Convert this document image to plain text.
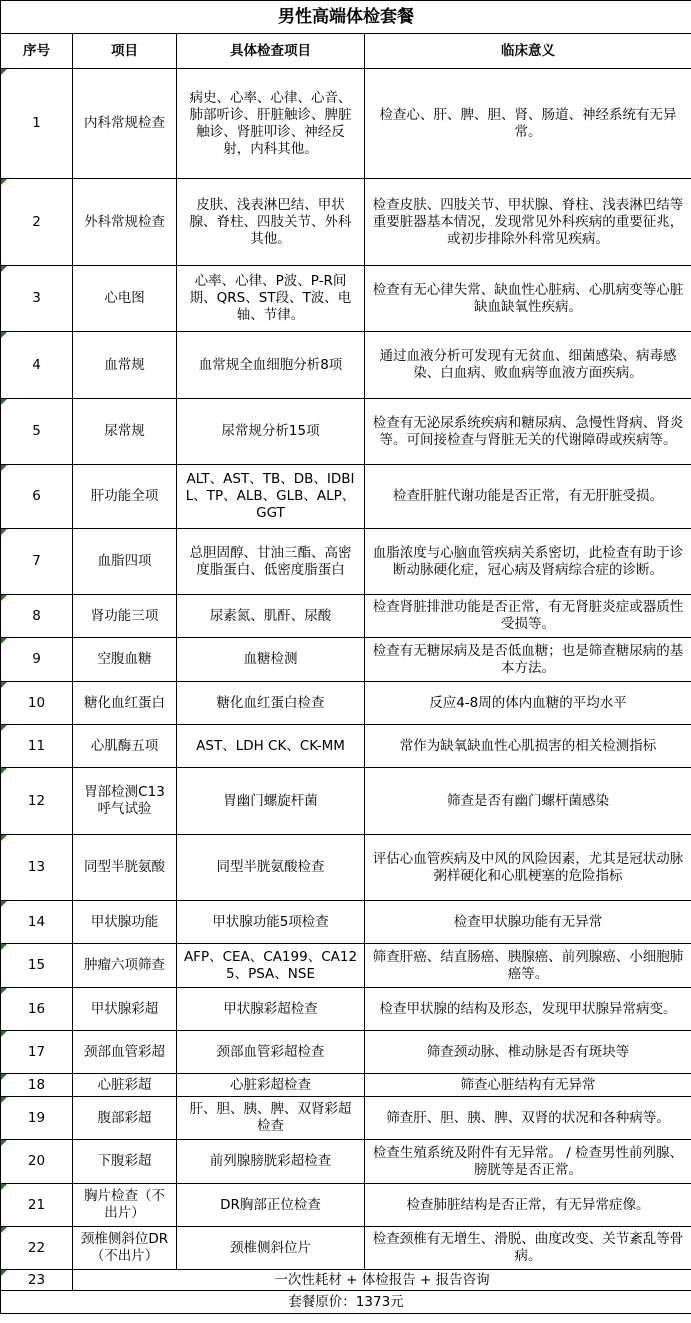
男性高端体检套餐			
序号	项目	具体检查项目	临床意义
1	内科常规检查	病史、心率、心律、心音、肺部听诊、肝脏触诊、脾脏触诊、肾脏叩诊、神经反射，内科其他。	检查心、肝、脾、胆、肾、肠道、神经系统有无异常。
2	外科常规检查	皮肤、浅表淋巴结、甲状腺、脊柱、四肢关节、外科其他。	检查皮肤、四肢关节、甲状腺、脊柱、浅表淋巴结等重要脏器基本情况，发现常见外科疾病的重要征兆，或初步排除外科常见疾病。
3	心电图	心率、心律、P波、P-R间期、QRS、ST段、T波、电轴、节律。	检查有无心律失常、缺血性心脏病、心肌病变等心脏缺血缺氧性疾病。
4	血常规	血常规全血细胞分析8项	通过血液分析可发现有无贫血、细菌感染、病毒感染、白血病、败血病等血液方面疾病。
5	尿常规	尿常规分析15项	检查有无泌尿系统疾病和糖尿病、急慢性肾病、肾炎等。可间接检查与肾脏无关的代谢障碍或疾病等。
6	肝功能全项	ALT、AST、TB、DB、IDBIL、TP、ALB、GLB、ALP、GGT	检查肝脏代谢功能是否正常，有无肝脏受损。
7	血脂四项	总胆固醇、甘油三酯、高密度脂蛋白、低密度脂蛋白	血脂浓度与心脑血管疾病关系密切，此检查有助于诊断动脉硬化症，冠心病及肾病综合症的诊断。
8	肾功能三项	尿素氮、肌酐、尿酸	检查肾脏排泄功能是否正常，有无肾脏炎症或器质性受损等。
9	空腹血糖	血糖检测	检查有无糖尿病及是否低血糖；也是筛查糖尿病的基本方法。
10	糖化血红蛋白	糖化血红蛋白检查	反应4-8周的体内血糖的平均水平
11	心肌酶五项	AST、LDH CK、CK-MM	常作为缺氧缺血性心肌损害的相关检测指标
12	胃部检测C13呼气试验	胃幽门螺旋杆菌	筛查是否有幽门螺杆菌感染
13	同型半胱氨酸	同型半胱氨酸检查	评估心血管疾病及中风的风险因素，尤其是冠状动脉粥样硬化和心肌梗塞的危险指标
14	甲状腺功能	甲状腺功能5项检查	检查甲状腺功能有无异常
15	肿瘤六项筛查	AFP、CEA、CA199、CA125、PSA、NSE	筛查肝癌、结直肠癌、胰腺癌、前列腺癌、小细胞肺癌等。
16	甲状腺彩超	甲状腺彩超检查	检查甲状腺的结构及形态，发现甲状腺异常病变。
17	颈部血管彩超	颈部血管彩超检查	筛查颈动脉、椎动脉是否有斑块等
18	心脏彩超	心脏彩超检查	筛查心脏结构有无异常
19	腹部彩超	肝、胆、胰、脾、双肾彩超检查	筛查肝、胆、胰、脾、双肾的状况和各种病等。
20	下腹彩超	前列腺膀胱彩超检查	检查生殖系统及附件有无异常。 / 检查男性前列腺、膀胱等是否正常。
21	胸片检查（不出片）	DR胸部正位检查	检查肺脏结构是否正常，有无异常症像。
22	颈椎侧斜位DR（不出片）	颈椎侧斜位片	检查颈椎有无增生、滑脱、曲度改变、关节紊乱等骨病。
23	一次性耗材 + 体检报告 + 报告咨询		
套餐原价：1373元			
